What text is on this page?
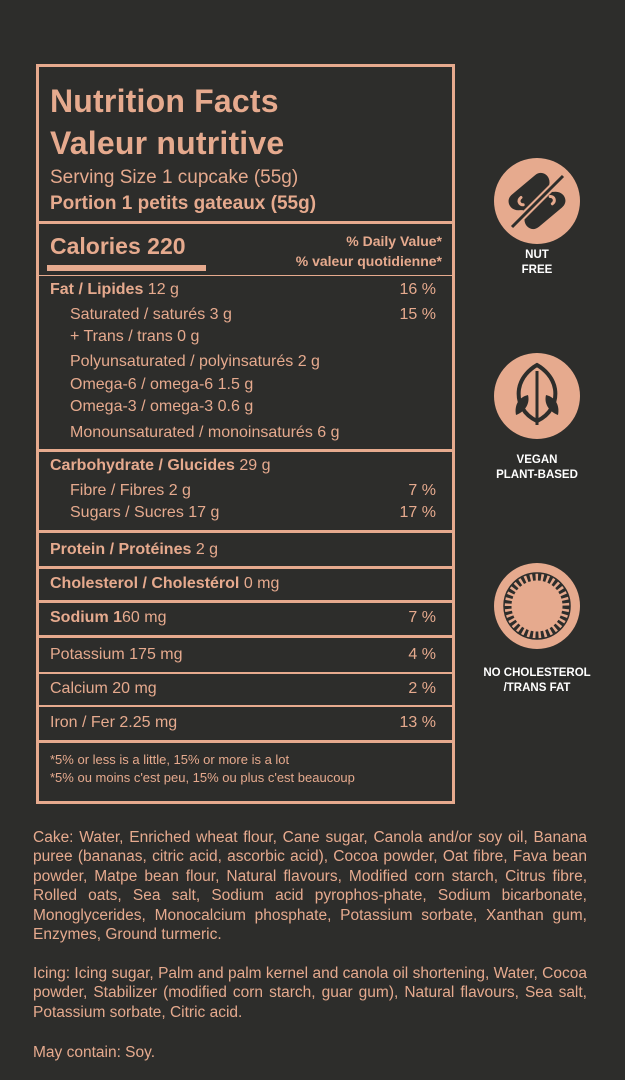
Nutrition Facts
Valeur nutritive
Serving Size 1 cupcake (55g)
Portion 1 petits gateaux (55g)
Calories 220	% Daily Value*
% valeur quotidienne*
Fat / Lipides 12 g	16 %
Saturated / saturés 3 g	15 %
+ Trans / trans 0 g
Polyunsaturated / polyinsaturés 2 g
Omega-6 / omega-6 1.5 g
Omega-3 / omega-3 0.6 g
Monounsaturated / monoinsaturés 6 g
Carbohydrate / Glucides 29 g
Fibre / Fibres 2 g	7 %
Sugars / Sucres 17 g	17 %
Protein / Protéines 2 g
Cholesterol / Cholestérol 0 mg
Sodium 160 mg	7 %
Potassium 175 mg	4 %
Calcium 20 mg	2 %
Iron / Fer 2.25 mg	13 %
*5% or less is a little, 15% or more is a lot
*5% ou moins c'est peu, 15% ou plus c'est beaucoup
NUT
FREE
VEGAN
PLANT-BASED
NO CHOLESTEROL
/TRANS FAT
Cake: Water, Enriched wheat flour, Cane sugar, Canola and/or soy oil, Banana puree (bananas, citric acid, ascorbic acid), Cocoa powder, Oat fibre, Fava bean powder, Matpe bean flour, Natural flavours, Modified corn starch, Citrus fibre, Rolled oats, Sea salt, Sodium acid pyrophos-phate, Sodium bicarbonate, Monoglycerides, Monocalcium phosphate, Potassium sorbate, Xanthan gum, Enzymes, Ground turmeric.
Icing: Icing sugar, Palm and palm kernel and canola oil shortening, Water, Cocoa powder, Stabilizer (modified corn starch, guar gum), Natural flavours, Sea salt, Potassium sorbate, Citric acid.
May contain: Soy.
